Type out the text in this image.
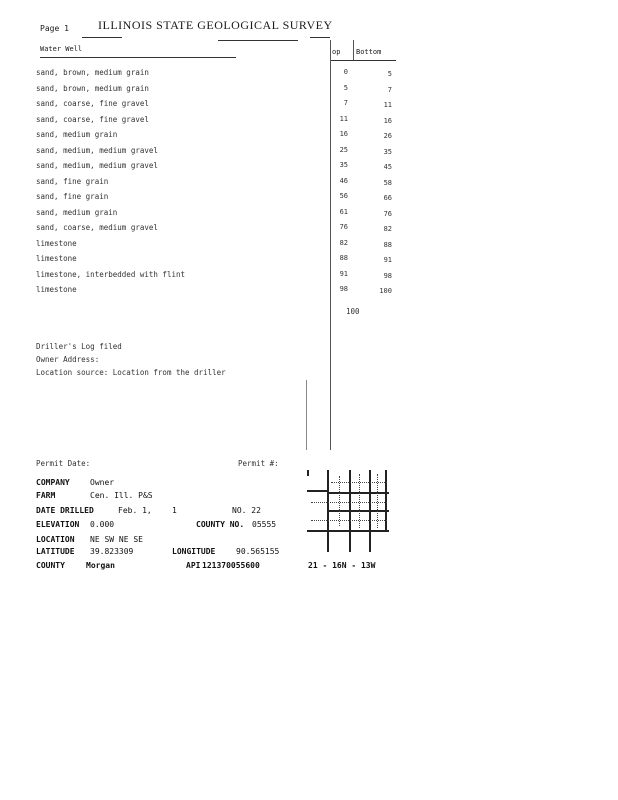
Page 1 ILLINOIS STATE GEOLOGICAL SURVEY
Water Well	op Bottom
sand, brown, medium grain	0	5
sand, brown, medium grain	5	7
sand, coarse, fine gravel	7	11
sand, coarse, fine gravel	11	16
sand, medium grain	16	26
sand, medium, medium gravel	25	35
sand, medium, medium gravel	35	45
sand, fine grain	46	58
sand, fine grain	56	66
sand, medium grain	61	76
sand, coarse, medium gravel	76	82
limestone	82	88
limestone	88	91
limestone, interbedded with flint	91	98
limestone	98	100
100
Driller's Log filed
Owner Address:
Location source: Location from the driller
Permit Date:	Permit #:
COMPANY	Owner
FARM	Cen. Ill. P&S
DATE DRILLED	Feb. 1,	1	NO. 22
ELEVATION 0.000	COUNTY NO. 05555
LOCATION NE SW NE SE
LATITUDE 39.823309	LONGITUDE	90.565155
COUNTY	Morgan	API 121370055600	21 - 16N - 13W
